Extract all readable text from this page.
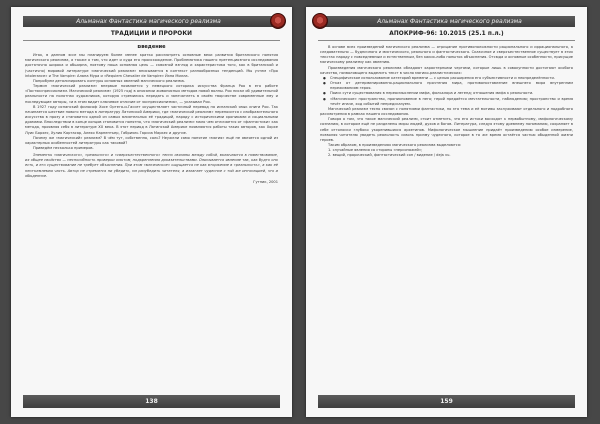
Альманах Фантастика магического реализма
ТРАДИЦИИ И ПРОРОКИ

Введение

Итак, в данном эссе мы планируем более менее кратко рассмотреть основные вехи развития британского понятия магического реализма, а также о том, что идет и куда его происхождение. Проблематика нашего претенциозного исследования достаточно широка и обширна, поэтому наша основная цель — сквозной взгляд и характеристика того, как в британской и (частично) мировой литературе «магический реализм» вписывается в контекст разнообразных тенденций. Мы учтем «Про intolerance» и The Vampire: Алана Мура и «Requiem Chevalier de Vampire» Йэна Милла.

Попробуем детализировать контуры основных явлений магического реализма.

Термин «магический реализм» впервые появляется у немецкого историка искусства Франца Роо в его работе «Постэкспрессионизм. Магический реализм» (1925 год) в описании живописных методов новой волны. Роо писал об удивительной реальности на полотнах художников, которую стремились передать и запечатлеть в своём творчестве современные ему и последующие авторы, «и в этом видит ключевое отличие от экспрессионизма», — указывал Роо.

В 1927 году испанский философ Хосе Ортега-и-Гассет осуществляет частичный перевод на испанский язык книги Роо. Так начинается шествие нового метода в литературу Латинской Америки, где «магический реализм» переносится с изобразительного искусства в прозу и становится одной из самых влиятельных её традиций, наряду с историческими хрониками и социальными драмами. Впоследствии в конце концов становится понятно, что «магический реализм» мало чем отличается от «фантастики» как метода, проявляя себя в литературе XX века. В этот период в Латинской Америке появляются работы таких авторов, как Хорхе Луис Борхес, Хулио Кортасар, Алехо Карпентьер, Габриэль Гарсиа Маркес и другие.

Почему же «магический» реализм? В чём тут, собственно, соль? Неужели само понятие «магия» ещё не является одной из характерных особенностей литературы как таковой?

Приведём несколько примеров.

Элементы «магического», «реального» и «сверхъестественного» тесно связаны между собой, включаются в повествование, их общее свойство — неспособность проверки опытом, подкрепления доказательствами. Описывается явление так, как будто оно есть, и его существование не требует объяснения. При этом «магическое» ощущается не как вторжение в «реальность», а как её неотъемлемая часть. Автор не стремится ни убедить, ни разубедить читателя, а излагает чудесное с той же интонацией, что и обыденное.

Гутник, 2001

138
Альманах Фантастика магического реализма
АПОКРИФ-96: 10.2015 (25.1 п.л.)

В основе всех произведений магического реализма — отрицание противоположности рационального и иррационального, а следовательно — будничного и мистического, реального и фантастического. Сказочное и сверхъестественное существует в этих текстах наряду с повседневным и естественным, без каких-либо попыток объяснения. Отсюда и основные особенности, присущие магическому реализму как явлению.

Произведения магического реализма обладают характерными чертами, которые лишь в совокупности достигают особого качества, позволяющего выделить текст в число магико-реалистических:

● Специфическое использование категорий времени — с целью расширения его субъективности и неопределённости.
● Отказ от детерминированно-рационального прочтения мира, противопоставление внешнего мира внутренним переживаниям героя.
● Поиск сути существования в переосмыслении мифа, фольклора и легенд; отношения мифа к реальности.
● «Магическое» пространство, проникновение в него; герой предаётся мечтательности, наблюдению; пространство и время течёт иначе, ход событий непредсказуем.

Магический реализм тесно связан с понятиями фантастики, но эта тема и её мотивы заслуживают отдельного и подробного рассмотрения в рамках нашего исследования.

Говоря о том, что такое магический реализм, стоит отметить, что его истоки восходят к первобытному, мифологическому сознанию, в котором ещё не разделены миры людей, духов и богов. Литература, следуя этому древнему пониманию, сохраняет в себе отголоски глубоко укоренившихся архетипов. Мифологическое мышление придаёт произведению особое измерение, позволяя читателю увидеть реальность сквозь призму чудесного, которое в то же время остаётся частью обыденной жизни героев.

Таким образом, в произведениях магического реализма выделяются:

1. случайные явления со стороны «персонажей»;

2. вещий, пророческий, фантастический сон / видение / deja vu.

159
